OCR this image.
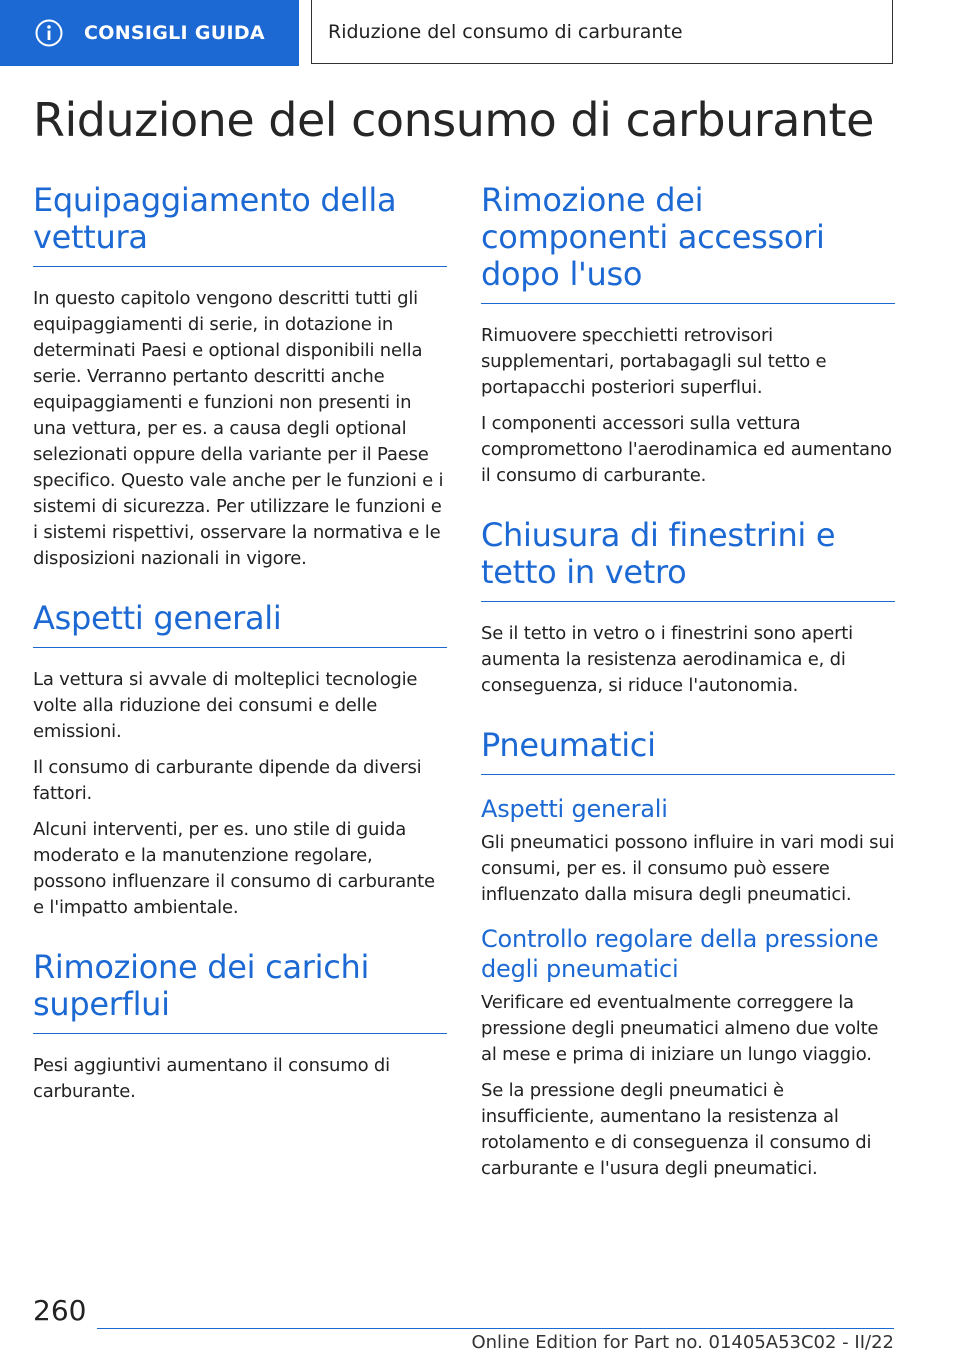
CONSIGLI GUIDA	Riduzione del consumo di carburante
Riduzione del consumo di carburante
Equipaggiamento della vettura

In questo capitolo vengono descritti tutti gli equipaggiamenti di serie, in dotazione in determinati Paesi e optional disponibili nella serie. Verranno pertanto descritti anche equipaggiamenti e funzioni non presenti in una vettura, per es. a causa degli optional selezionati oppure della variante per il Paese specifico. Questo vale anche per le funzioni e i sistemi di sicurezza. Per utilizzare le funzioni e i sistemi rispettivi, osservare la normativa e le disposizioni nazionali in vigore.

Aspetti generali

La vettura si avvale di molteplici tecnologie volte alla riduzione dei consumi e delle emissioni.

Il consumo di carburante dipende da diversi fattori.

Alcuni interventi, per es. uno stile di guida moderato e la manutenzione regolare, possono influenzare il consumo di carburante e l'impatto ambientale.

Rimozione dei carichi superflui

Pesi aggiuntivi aumentano il consumo di carburante.

Rimozione dei componenti accessori dopo l'uso

Rimuovere specchietti retrovisori supplementari, portabagagli sul tetto e portapacchi posteriori superflui.

I componenti accessori sulla vettura compromettono l'aerodinamica ed aumentano il consumo di carburante.

Chiusura di finestrini e tetto in vetro

Se il tetto in vetro o i finestrini sono aperti aumenta la resistenza aerodinamica e, di conseguenza, si riduce l'autonomia.

Pneumatici
Aspetti generali

Gli pneumatici possono influire in vari modi sui consumi, per es. il consumo può essere influenzato dalla misura degli pneumatici.

Controllo regolare della pressione degli pneumatici

Verificare ed eventualmente correggere la pressione degli pneumatici almeno due volte al mese e prima di iniziare un lungo viaggio.

Se la pressione degli pneumatici è insufficiente, aumentano la resistenza al rotolamento e di conseguenza il consumo di carburante e l'usura degli pneumatici.

260
Online Edition for Part no. 01405A53C02 - II/22
